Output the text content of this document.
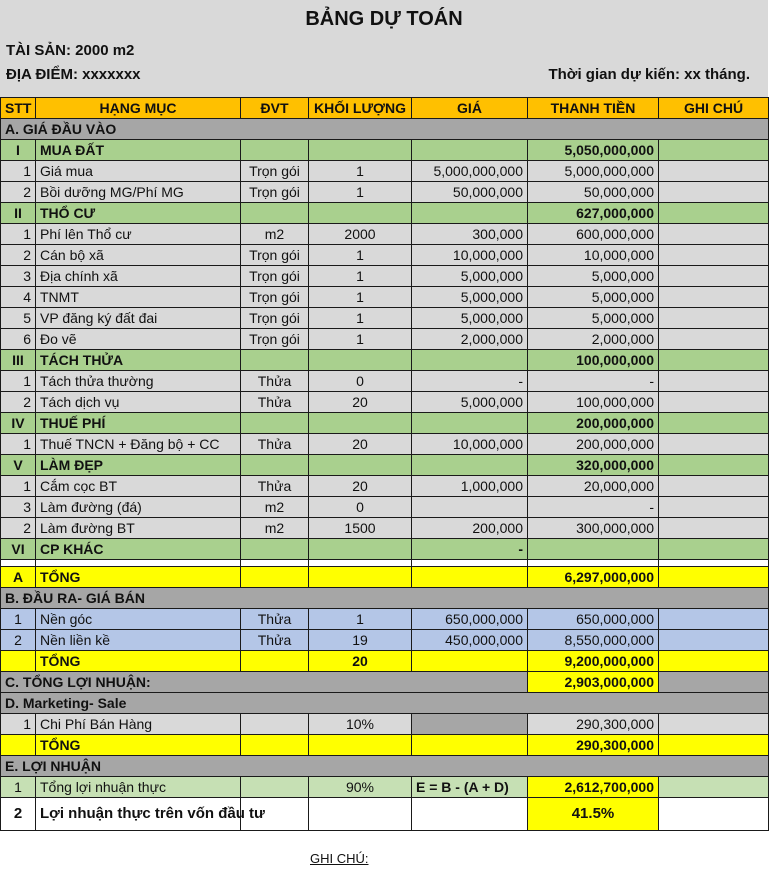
BẢNG DỰ TOÁN
TÀI SẢN: 2000 m2
ĐỊA ĐIỂM: xxxxxxx	Thời gian dự kiến: xx tháng.
STT	HẠNG MỤC	ĐVT	KHỐI LƯỢNG	GIÁ	THANH TIỀN	GHI CHÚ
A. GIÁ ĐẦU VÀO						
I	MUA ĐẤT				5,050,000,000	
1	Giá mua	Trọn gói	1	5,000,000,000	5,000,000,000	
2	Bồi dưỡng MG/Phí MG	Trọn gói	1	50,000,000	50,000,000	
II	THỔ CƯ				627,000,000	
1	Phí lên Thổ cư	m2	2000	300,000	600,000,000	
2	Cán bộ xã	Trọn gói	1	10,000,000	10,000,000	
3	Địa chính xã	Trọn gói	1	5,000,000	5,000,000	
4	TNMT	Trọn gói	1	5,000,000	5,000,000	
5	VP đăng ký đất đai	Trọn gói	1	5,000,000	5,000,000	
6	Đo vẽ	Trọn gói	1	2,000,000	2,000,000	
III	TÁCH THỬA				100,000,000	
1	Tách thửa thường	Thửa	0	-	-	
2	Tách dịch vụ	Thửa	20	5,000,000	100,000,000	
IV	THUẾ PHÍ				200,000,000	
1	Thuế TNCN + Đăng bộ + CC	Thửa	20	10,000,000	200,000,000	
V	LÀM ĐẸP				320,000,000	
1	Cắm cọc BT	Thửa	20	1,000,000	20,000,000	
3	Làm đường (đá)	m2	0		-	
2	Làm đường BT	m2	1500	200,000	300,000,000	
VI	CP KHÁC			-		

A	TỔNG				6,297,000,000	
B. ĐẦU RA- GIÁ BÁN						
1	Nền góc	Thửa	1	650,000,000	650,000,000	
2	Nền liền kề	Thửa	19	450,000,000	8,550,000,000	
	TỔNG		20		9,200,000,000	
C. TỔNG LỢI NHUẬN:					2,903,000,000	
D. Marketing- Sale						
1	Chi Phí Bán Hàng		10%		290,300,000	
	TỔNG				290,300,000	
E. LỢI NHUẬN						
1	Tổng lợi nhuận thực		90%	E = B - (A + D)	2,612,700,000	
2	Lợi nhuận thực trên vốn đầu tư				41.5%	
GHI CHÚ:
